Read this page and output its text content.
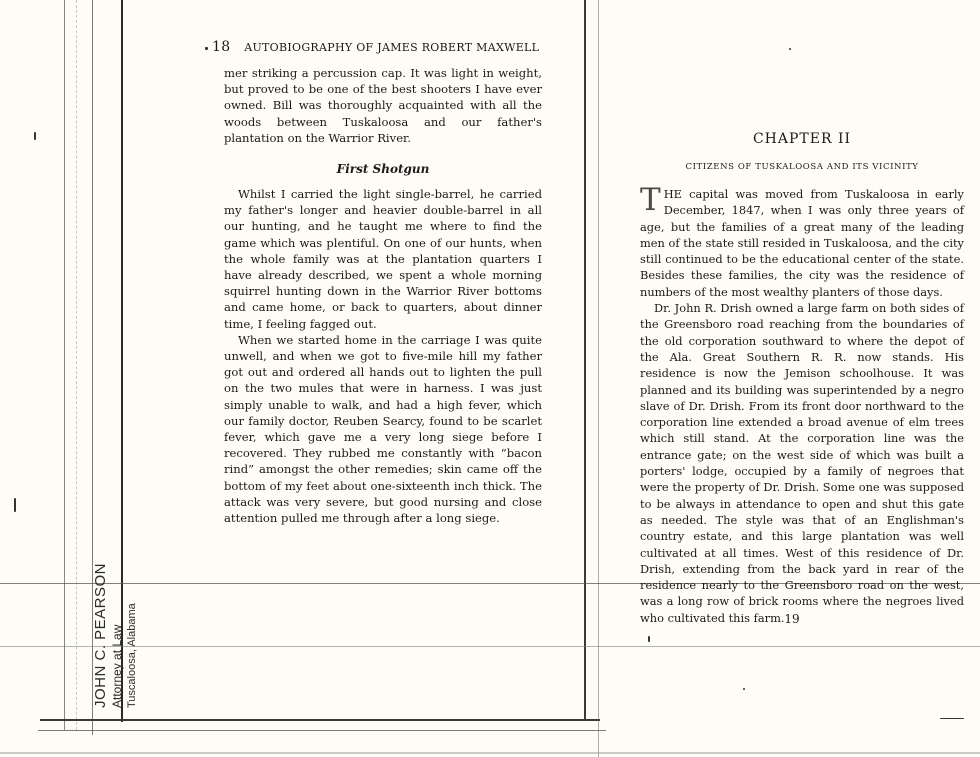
JOHN C. PEARSON Attorney at Law Tuscaloosa, Alabama
18 AUTOBIOGRAPHY OF JAMES ROBERT MAXWELL

mer striking a percussion cap. It was light in weight, but proved to be one of the best shooters I have ever owned. Bill was thoroughly acquainted with all the woods between Tuskaloosa and our father's plantation on the Warrior River.

First Shotgun

Whilst I carried the light single-barrel, he carried my father's longer and heavier double-barrel in all our hunting, and he taught me where to find the game which was plentiful. On one of our hunts, when the whole family was at the plantation quarters I have already described, we spent a whole morning squirrel hunting down in the Warrior River bottoms and came home, or back to quarters, about dinner time, I feeling fagged out.

When we started home in the carriage I was quite unwell, and when we got to five-mile hill my father got out and ordered all hands out to lighten the pull on the two mules that were in harness. I was just simply unable to walk, and had a high fever, which our family doctor, Reuben Searcy, found to be scarlet fever, which gave me a very long siege before I recovered. They rubbed me constantly with “bacon rind” amongst the other remedies; skin came off the bottom of my feet about one-sixteenth inch thick. The attack was very severe, but good nursing and close attention pulled me through after a long siege.

CHAPTER II
CITIZENS OF TUSKALOOSA AND ITS VICINITY

THE capital was moved from Tuskaloosa in early December, 1847, when I was only three years of age, but the families of a great many of the leading men of the state still resided in Tuskaloosa, and the city still continued to be the educational center of the state. Besides these families, the city was the residence of numbers of the most wealthy planters of those days.

Dr. John R. Drish owned a large farm on both sides of the Greensboro road reaching from the boundaries of the old corporation southward to where the depot of the Ala. Great Southern R. R. now stands. His residence is now the Jemison schoolhouse. It was planned and its building was superintended by a negro slave of Dr. Drish. From its front door northward to the corporation line extended a broad avenue of elm trees which still stand. At the corporation line was the entrance gate; on the west side of which was built a porters' lodge, occupied by a family of negroes that were the property of Dr. Drish. Some one was supposed to be always in attendance to open and shut this gate as needed. The style was that of an Englishman's country estate, and this large plantation was well cultivated at all times. West of this residence of Dr. Drish, extending from the back yard in rear of the residence nearly to the Greensboro road on the west, was a long row of brick rooms where the negroes lived who cultivated this farm. 19
